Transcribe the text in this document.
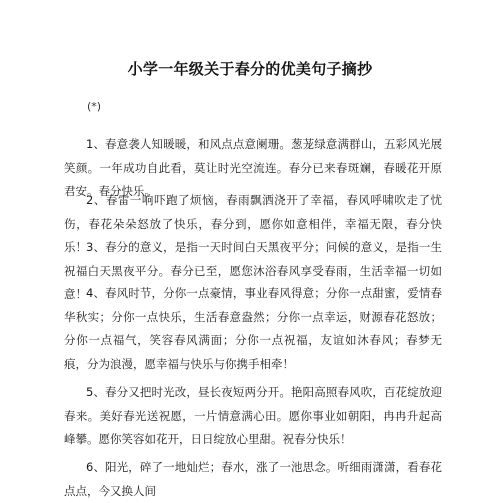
小学一年级关于春分的优美句子摘抄
(*)
1、春意袭人知暖暖，和风点点意阑珊。葱茏绿意满群山，五彩风光展笑颜。一年成功自此看，莫让时光空流连。春分已来春斑斓，春暖花开原君安。春分快乐。
2、春雷一响吓跑了烦恼，春雨飘洒浇开了幸福，春风呼啸吹走了忧伤，春花朵朵怒放了快乐，春分到，愿你如意相伴，幸福无限，春分快乐！ 3、春分的意义，是指一天时间白天黑夜平分；问候的意义，是指一生祝福白天黑夜平分。春分已至，愿您沐浴春风享受春雨，生活幸福一切如意！ 4、春风时节，分你一点豪情，事业春风得意；分你一点甜蜜，爱情春华秋实；分你一点快乐，生活春意盎然；分你一点幸运，财源春花怒放；分你一点福气，笑容春风满面；分你一点祝福，友谊如沐春风；春梦无痕，分为浪漫，愿幸福与快乐与你携手相牵！
5、春分又把时光改，昼长夜短两分开。艳阳高照春风吹，百花绽放迎春来。美好春光送祝愿，一片情意满心田。愿你事业如朝阳，冉冉升起高峰攀。愿你笑容如花开，日日绽放心里甜。祝春分快乐！
6、阳光，碎了一地灿烂；春水，涨了一池思念。听细雨潇潇，看春花点点，今又换人间
